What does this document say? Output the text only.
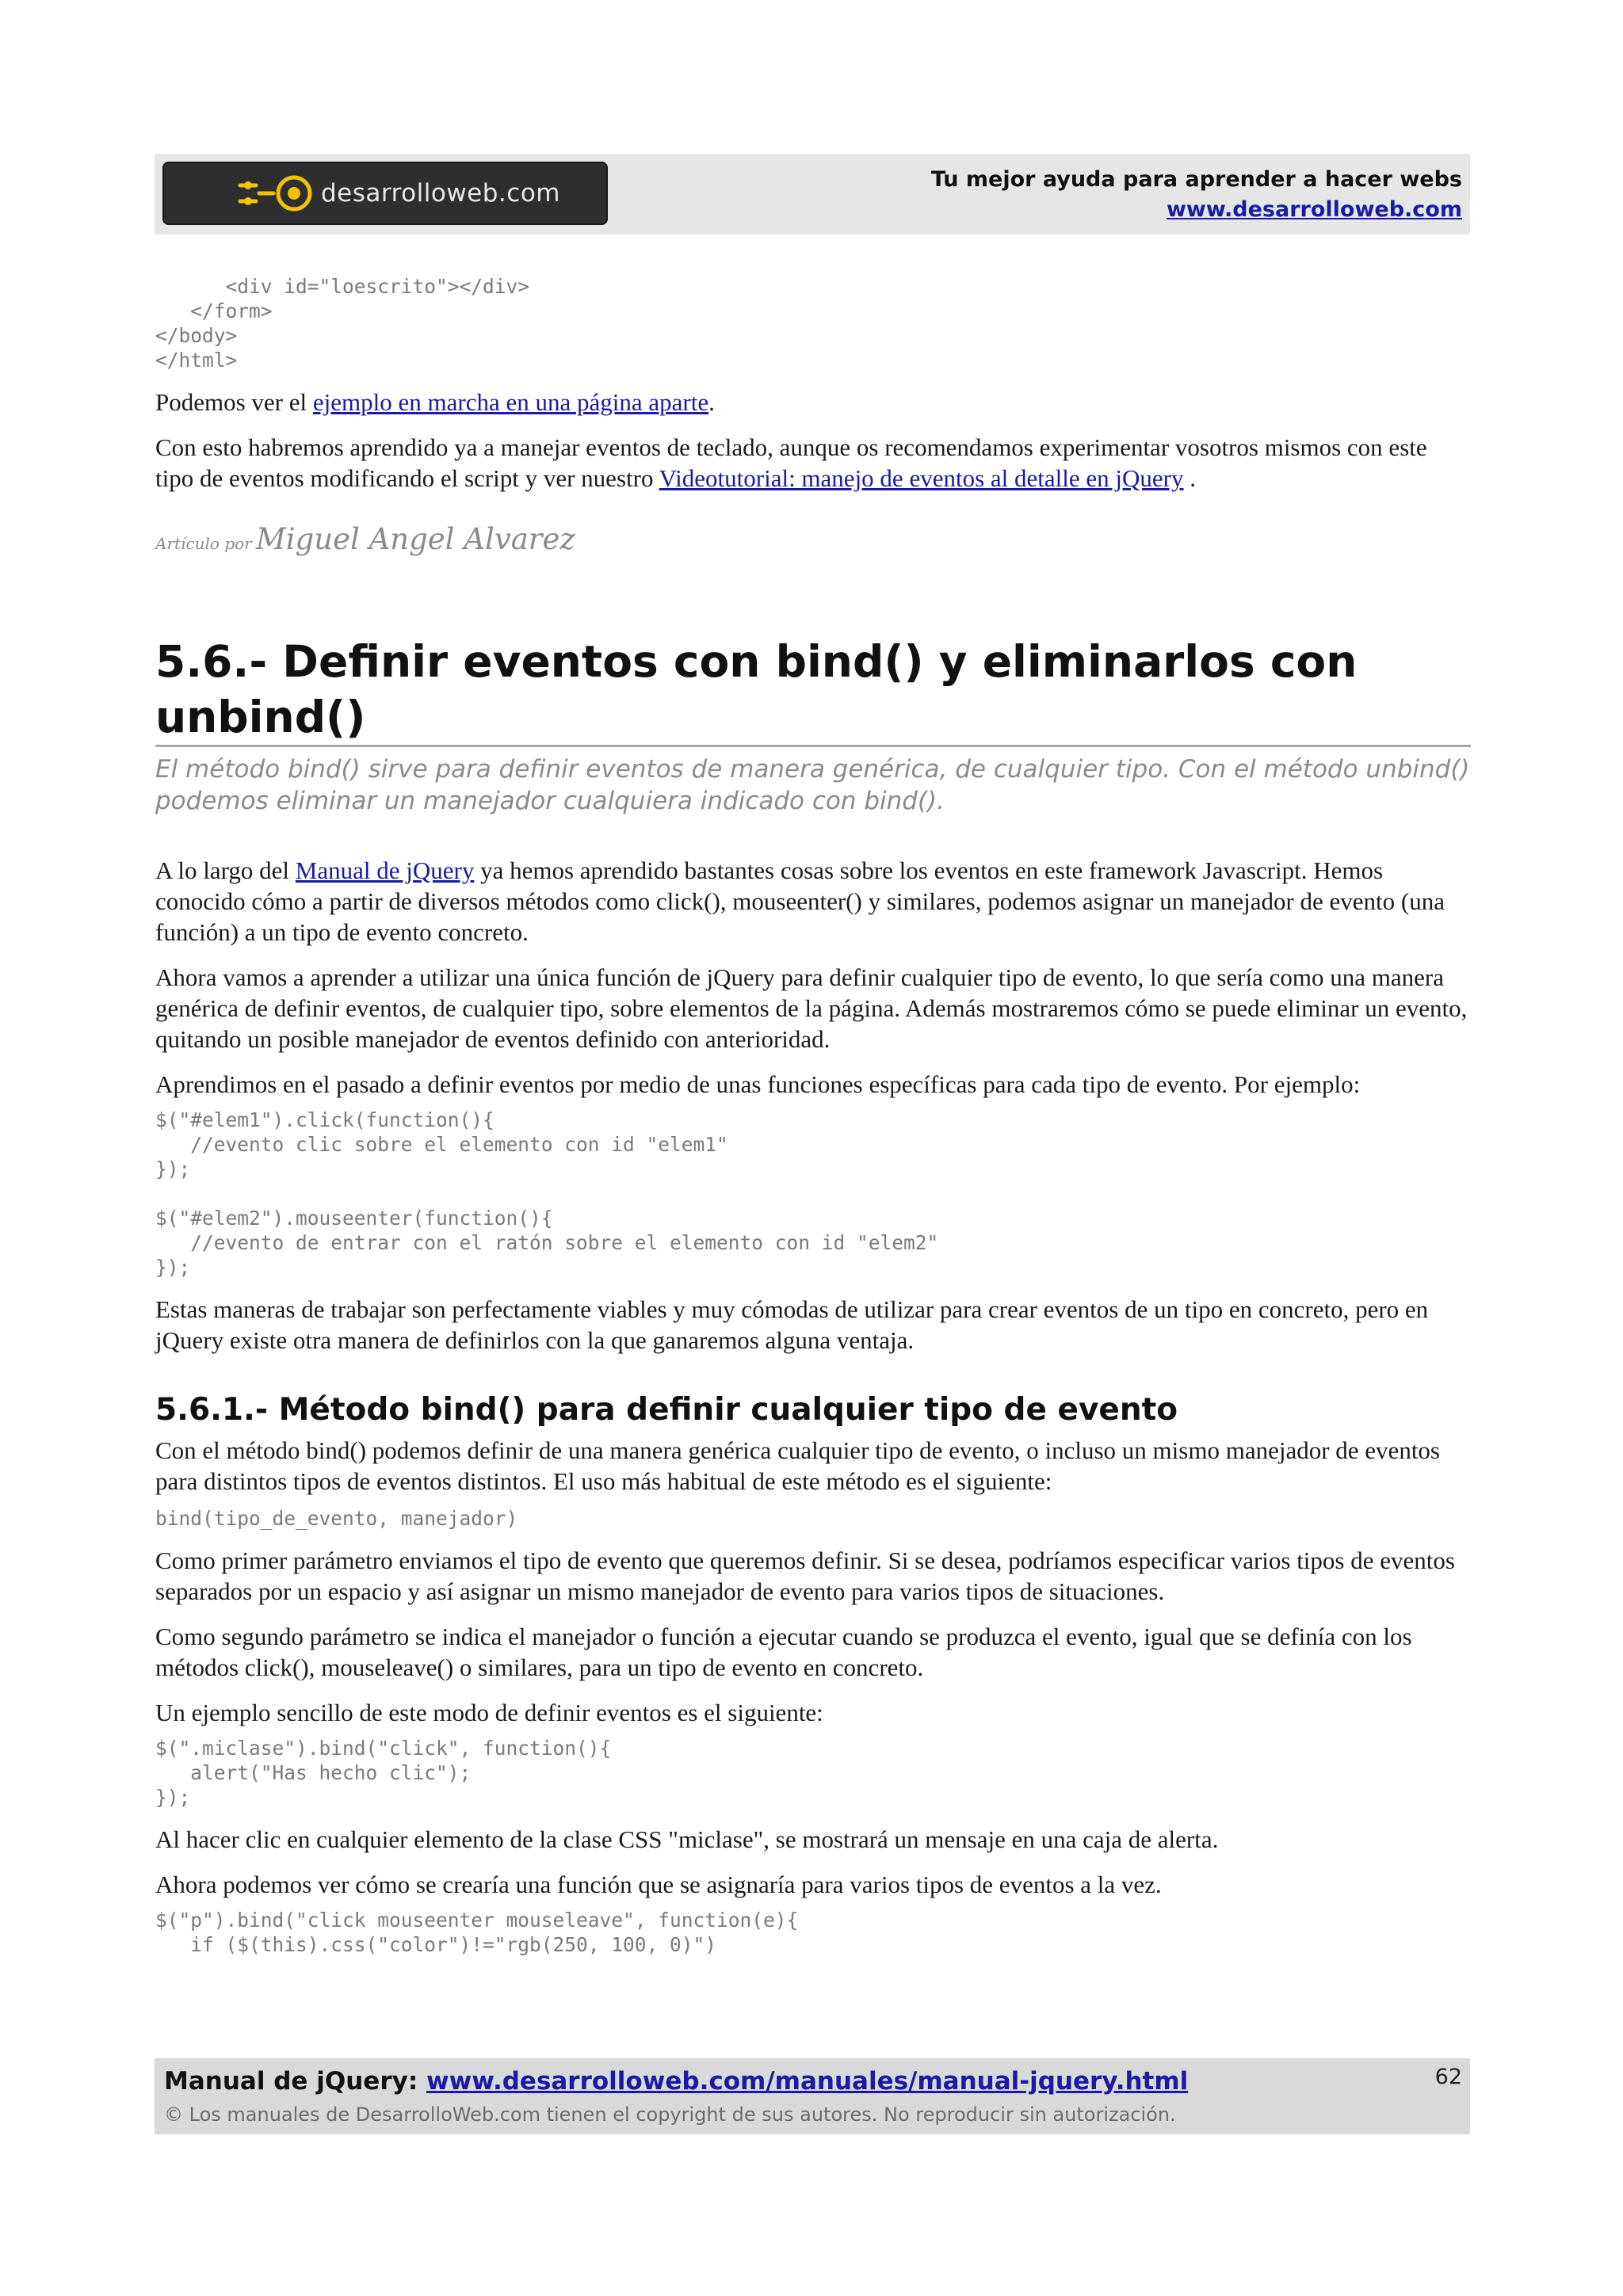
desarrolloweb.com	Tu mejor ayuda para aprender a hacer webs
www.desarrolloweb.com
<div id="loescrito"></div>
</form>
</body>
</html>

Podemos ver el ejemplo en marcha en una página aparte.

Con esto habremos aprendido ya a manejar eventos de teclado, aunque os recomendamos experimentar vosotros mismos con este tipo de eventos modificando el script y ver nuestro Videotutorial: manejo de eventos al detalle en jQuery .

Artículo por Miguel Angel Alvarez
5.6.- Definir eventos con bind() y eliminarlos con unbind()

El método bind() sirve para definir eventos de manera genérica, de cualquier tipo. Con el método unbind() podemos eliminar un manejador cualquiera indicado con bind().

A lo largo del Manual de jQuery ya hemos aprendido bastantes cosas sobre los eventos en este framework Javascript. Hemos conocido cómo a partir de diversos métodos como click(), mouseenter() y similares, podemos asignar un manejador de evento (una función) a un tipo de evento concreto.

Ahora vamos a aprender a utilizar una única función de jQuery para definir cualquier tipo de evento, lo que sería como una manera genérica de definir eventos, de cualquier tipo, sobre elementos de la página. Además mostraremos cómo se puede eliminar un evento, quitando un posible manejador de eventos definido con anterioridad.

Aprendimos en el pasado a definir eventos por medio de unas funciones específicas para cada tipo de evento. Por ejemplo:

$("#elem1").click(function(){
//evento clic sobre el elemento con id "elem1"
});
$("#elem2").mouseenter(function(){
//evento de entrar con el ratón sobre el elemento con id "elem2"
});

Estas maneras de trabajar son perfectamente viables y muy cómodas de utilizar para crear eventos de un tipo en concreto, pero en jQuery existe otra manera de definirlos con la que ganaremos alguna ventaja.

5.6.1.- Método bind() para definir cualquier tipo de evento

Con el método bind() podemos definir de una manera genérica cualquier tipo de evento, o incluso un mismo manejador de eventos para distintos tipos de eventos distintos. El uso más habitual de este método es el siguiente:

bind(tipo_de_evento, manejador)

Como primer parámetro enviamos el tipo de evento que queremos definir. Si se desea, podríamos especificar varios tipos de eventos separados por un espacio y así asignar un mismo manejador de evento para varios tipos de situaciones.

Como segundo parámetro se indica el manejador o función a ejecutar cuando se produzca el evento, igual que se definía con los métodos click(), mouseleave() o similares, para un tipo de evento en concreto.

Un ejemplo sencillo de este modo de definir eventos es el siguiente:

$(".miclase").bind("click", function(){
alert("Has hecho clic");
});

Al hacer clic en cualquier elemento de la clase CSS "miclase", se mostrará un mensaje en una caja de alerta.

Ahora podemos ver cómo se crearía una función que se asignaría para varios tipos de eventos a la vez.

$("p").bind("click mouseenter mouseleave", function(e){
if ($(this).css("color")!="rgb(250, 100, 0)")
Manual de jQuery: www.desarrolloweb.com/manuales/manual-jquery.html
© Los manuales de DesarrolloWeb.com tienen el copyright de sus autores. No reproducir sin autorización.
62
